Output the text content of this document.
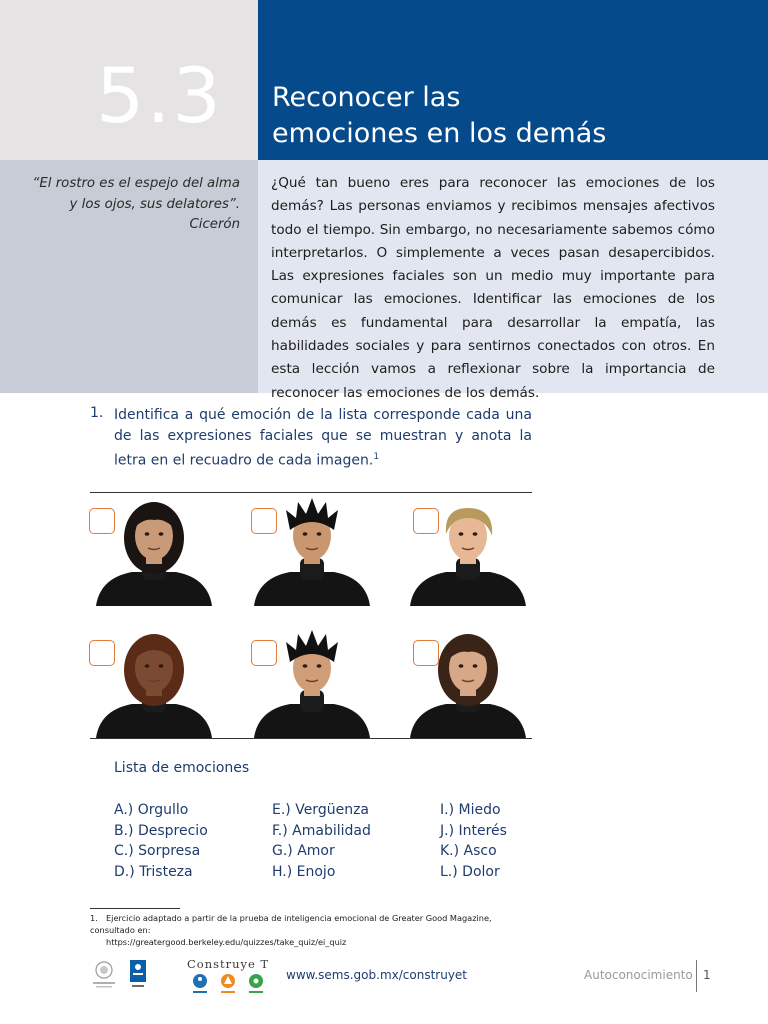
5.3	Reconocer las
emociones en los demás
“El rostro es el espejo del alma
y los ojos, sus delatores”.
Cicerón
¿Qué tan bueno eres para reconocer las emociones de los demás? Las personas enviamos y recibimos mensajes afectivos todo el tiempo. Sin embargo, no necesariamente sabemos cómo interpretarlos. O simplemente a veces pasan desapercibidos. Las expresiones faciales son un medio muy importante para comunicar las emociones. Identificar las emociones de los demás es fundamental para desarrollar la empatía, las habilidades sociales y para sentirnos conectados con otros. En esta lección vamos a reflexionar sobre la importancia de reconocer las emociones de los demás.
1. Identifica a qué emoción de la lista corresponde cada una de las expresiones faciales que se muestran y anota la letra en el recuadro de cada imagen.$^1$
Lista de emociones
A.) Orgullo
B.) Desprecio
C.) Sorpresa
D.) Tristeza
E.) Vergüenza
F.) Amabilidad
G.) Amor
H.) Enojo
I.) Miedo
J.) Interés
K.) Asco
L.) Dolor
1. Ejercicio adaptado a partir de la prueba de inteligencia emocional de Greater Good Magazine, consultado en:
https://greatergood.berkeley.edu/quizzes/take_quiz/ei_quiz
Construye T
www.sems.gob.mx/construyet	Autoconocimiento 1
